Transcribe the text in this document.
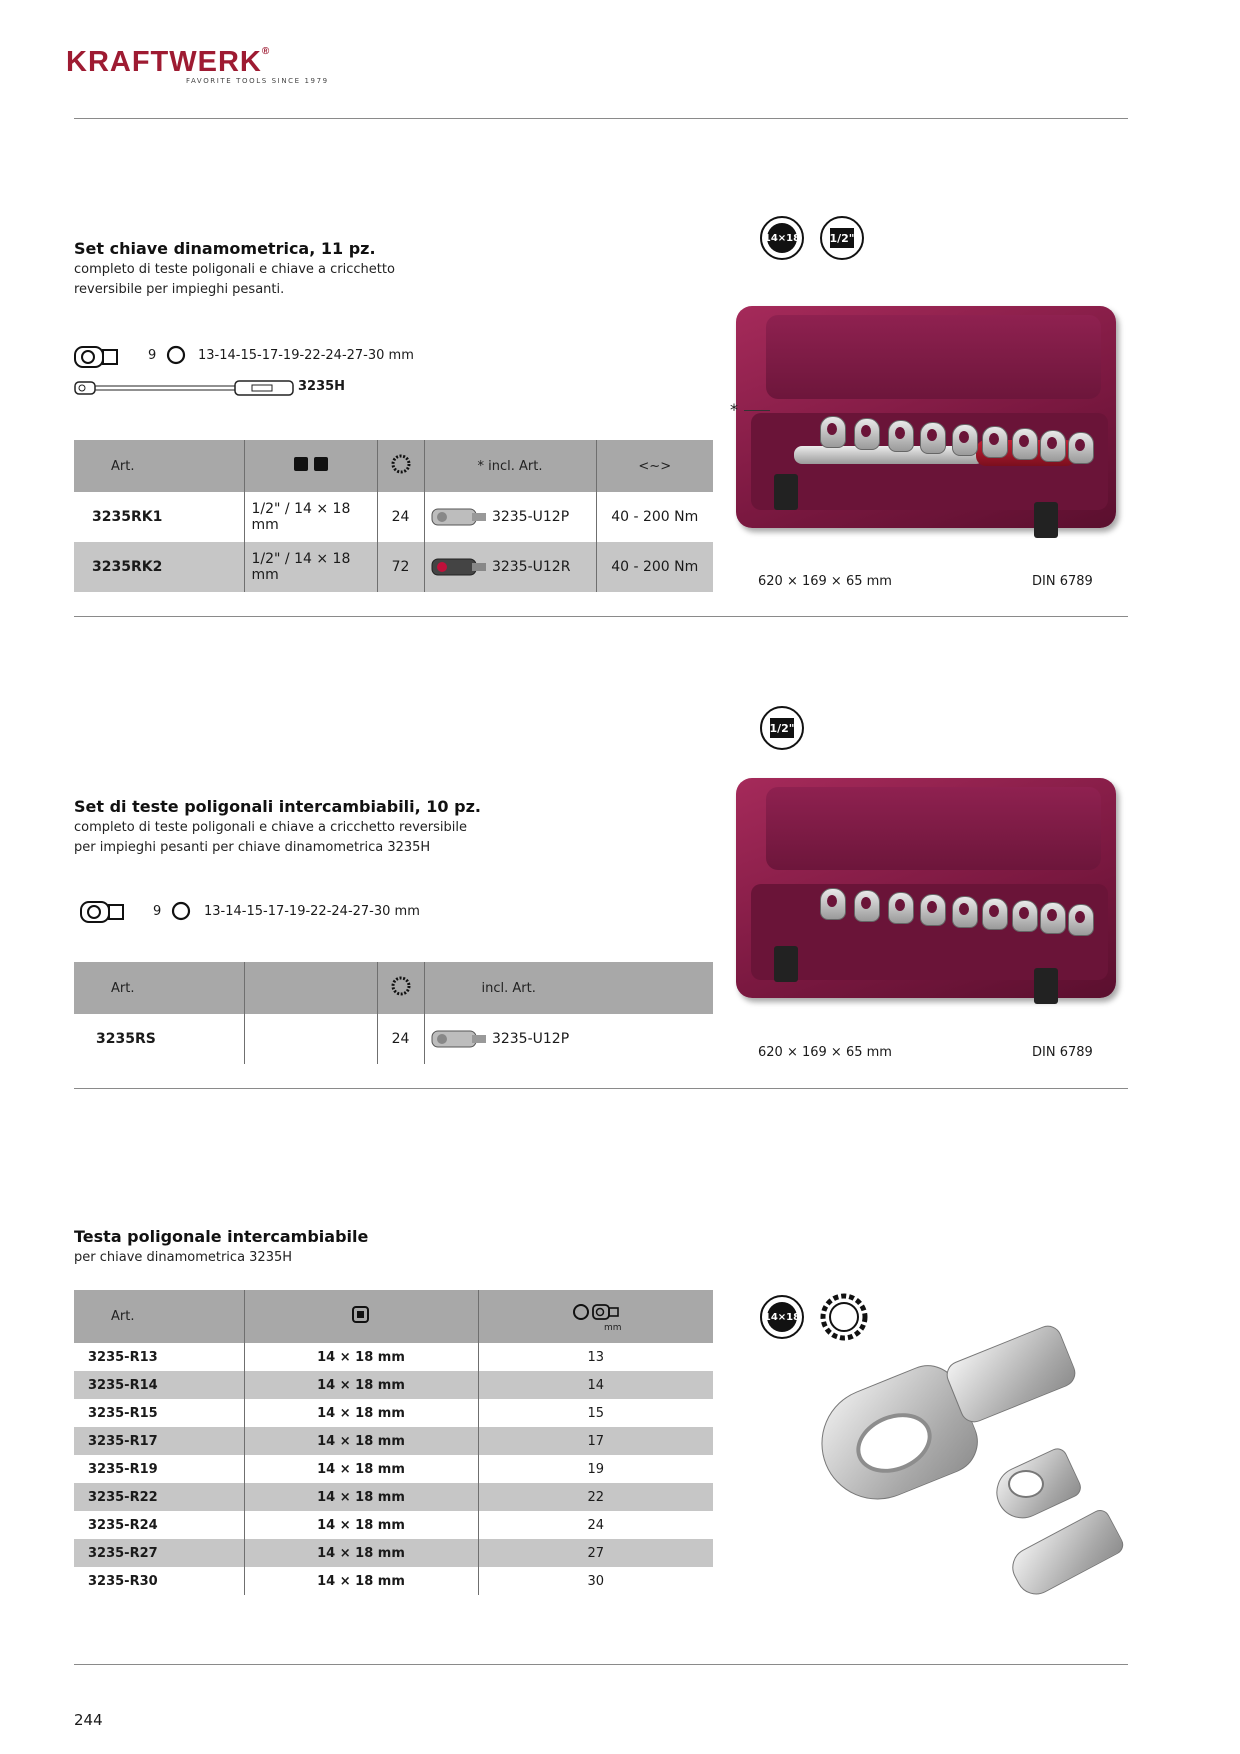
KRAFTWERK®
FAVORITE TOOLS SINCE 1979
Set chiave dinamometrica, 11 pz.
completo di teste poligonali e chiave a cricchetto
reversibile per impieghi pesanti.
9	13-14-15-17-19-22-24-27-30 mm
3235H
Art.			* incl. Art.	<~>
3235RK1	1/2" / 14 × 18 mm	24	3235-U12P	40 - 200 Nm
3235RK2	1/2" / 14 × 18 mm	72	3235-U12R	40 - 200 Nm
14×18	1/2"
*
620 × 169 × 65 mm	DIN 6789
1/2"
Set di teste poligonali intercambiabili, 10 pz.
completo di teste poligonali e chiave a cricchetto reversibile
per impieghi pesanti per chiave dinamometrica 3235H
9	13-14-15-17-19-22-24-27-30 mm
Art.			incl. Art.
3235RS		24	3235-U12P
620 × 169 × 65 mm	DIN 6789
Testa poligonale intercambiabile
per chiave dinamometrica 3235H
Art.		mm

3235-R13	14 × 18 mm	13
3235-R14	14 × 18 mm	14
3235-R15	14 × 18 mm	15
3235-R17	14 × 18 mm	17
3235-R19	14 × 18 mm	19
3235-R22	14 × 18 mm	22
3235-R24	14 × 18 mm	24
3235-R27	14 × 18 mm	27
3235-R30	14 × 18 mm	30
14×18
244
